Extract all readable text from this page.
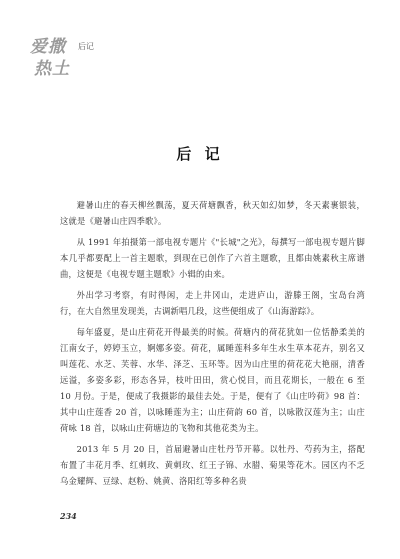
爱撒
热土
后记
后 记

避暑山庄的春天柳丝飘荡，夏天荷塘飘香，秋天如幻如梦，冬天素裹银装，这就是《避暑山庄四季歌》。

从 1991 年拍摄第一部电视专题片《"长城"之光》，每撰写一部电视专题片脚本几乎都要配上一首主题歌，到现在已创作了六首主题歌，且都由姚素秋主席谱曲，这便是《电视专题主题歌》小辑的由来。

外出学习考察，有时得闲，走上井冈山，走进庐山，游滕王阁，宝岛台湾行，在大自然里发现美，古调新唱几段，这些便组成了《山海游踪》。

每年盛夏，是山庄荷花开得最美的时候。荷塘内的荷花犹如一位恬静柔美的江南女子，婷婷玉立，婀娜多姿。荷花，属睡莲科多年生水生草本花卉，别名又叫莲花、水芝、芙蓉、水华、泽芝、玉环等。因为山庄里的荷花花大艳丽，清香远溢，多姿多彩，形态各异，枝叶田田，赏心悦目，而且花期长，一般在 6 至 10 月份。于是，便成了我摄影的最佳去处。于是，便有了《山庄吟荷》98 首：其中山庄莲香 20 首，以咏睡莲为主；山庄荷韵 60 首，以咏散汉莲为主；山庄荷咏 18 首，以咏山庄荷塘边的飞物和其他花类为主。

2013 年 5 月 20 日，首届避暑山庄牡丹节开幕。以牡丹、芍药为主，搭配布置了丰花月季、红刺玫、黄刺玫、红王子锦、水腊、菊果等花木。园区内不乏乌金耀辉、豆绿、赵粉、姚黄、洛阳红等多种名贵

234
